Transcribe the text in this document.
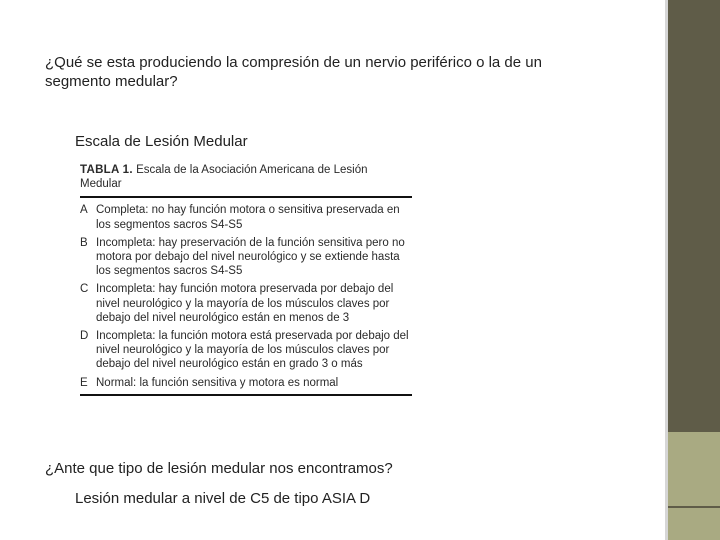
¿Qué se esta produciendo la compresión de un nervio periférico o la de un segmento medular?
Escala de Lesión Medular
TABLA 1. Escala de la Asociación Americana de Lesión Medular
A Completa: no hay función motora o sensitiva preservada en los segmentos sacros S4-S5
B Incompleta: hay preservación de la función sensitiva pero no motora por debajo del nivel neurológico y se extiende hasta los segmentos sacros S4-S5
C Incompleta: hay función motora preservada por debajo del nivel neurológico y la mayoría de los músculos claves por debajo del nivel neurológico están en menos de 3
D Incompleta: la función motora está preservada por debajo del nivel neurológico y la mayoría de los músculos claves por debajo del nivel neurológico están en grado 3 o más
E Normal: la función sensitiva y motora es normal
¿Ante que tipo de lesión medular nos encontramos?
Lesión medular a nivel de C5 de tipo ASIA D
